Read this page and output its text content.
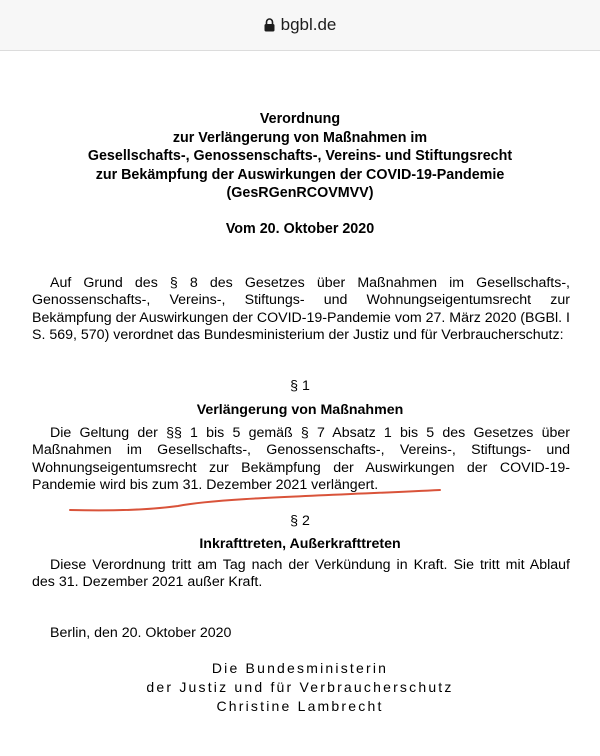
bgbl.de
Verordnung
zur Verlängerung von Maßnahmen im
Gesellschafts-, Genossenschafts-, Vereins- und Stiftungsrecht
zur Bekämpfung der Auswirkungen der COVID-19-Pandemie
(GesRGenRCOVMVV)
Vom 20. Oktober 2020
Auf Grund des § 8 des Gesetzes über Maßnahmen im Gesellschafts-, Genossenschafts-, Vereins-, Stiftungs- und Wohnungseigentumsrecht zur Bekämpfung der Auswirkungen der COVID-19-Pandemie vom 27. März 2020 (BGBl. I S. 569, 570) verordnet das Bundesministerium der Justiz und für Verbraucherschutz:
§ 1
Verlängerung von Maßnahmen
Die Geltung der §§ 1 bis 5 gemäß § 7 Absatz 1 bis 5 des Gesetzes über Maßnahmen im Gesellschafts-, Genossenschafts-, Vereins-, Stiftungs- und Wohnungseigentumsrecht zur Bekämpfung der Auswirkungen der COVID-19-Pandemie wird bis zum 31. Dezember 2021 verlängert.
§ 2
Inkrafttreten, Außerkrafttreten
Diese Verordnung tritt am Tag nach der Verkündung in Kraft. Sie tritt mit Ablauf des 31. Dezember 2021 außer Kraft.
Berlin, den 20. Oktober 2020
Die Bundesministerin
der Justiz und für Verbraucherschutz
Christine Lambrecht
